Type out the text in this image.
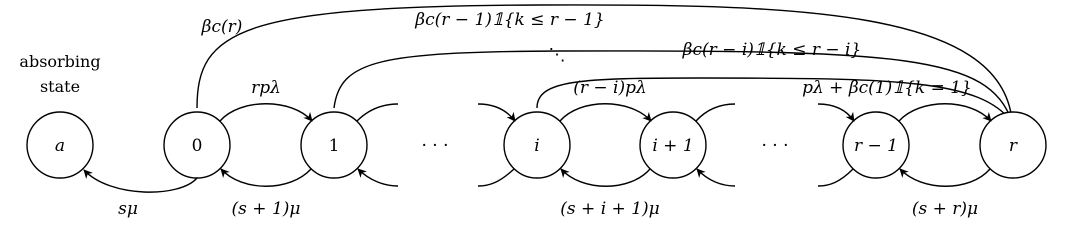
absorbing
state
a	0	1	i	i + 1	r − 1	r
· · ·	· · ·
⋱
βc(r)	βc(r − 1)𝟙{k ≤ r − 1}
βc(r − i)𝟙{k ≤ r − i}
rpλ	(r − i)pλ	pλ + βc(1)𝟙{k = 1}
sμ	(s + 1)μ	(s + i + 1)μ	(s + r)μ
